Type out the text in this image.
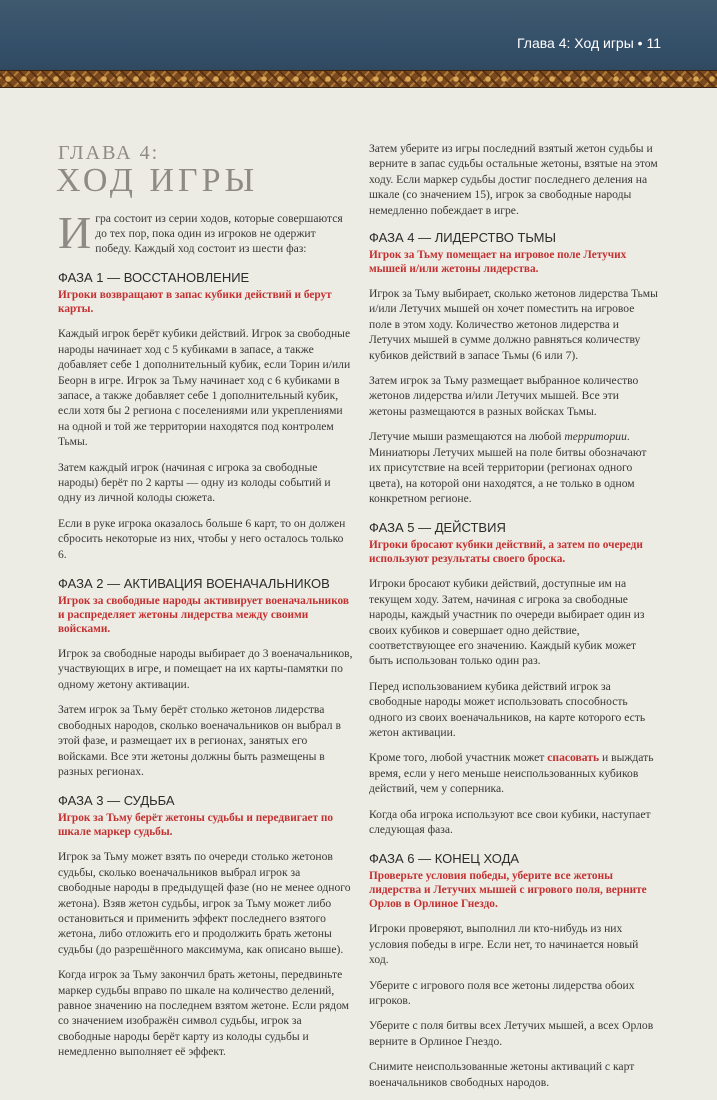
Глава 4: Ход игры • 11
ГЛАВА 4:
ХОД ИГРЫ

Игра состоит из серии ходов, которые совершаются до тех пор, пока один из игроков не одержит победу. Каждый ход состоит из шести фаз:

ФАЗА 1 — ВОССТАНОВЛЕНИЕ

Игроки возвращают в запас кубики действий и берут карты.

Каждый игрок берёт кубики действий. Игрок за свободные народы начинает ход с 5 кубиками в запасе, а также добавляет себе 1 дополнительный кубик, если Торин и/или Беорн в игре. Игрок за Тьму начинает ход с 6 кубиками в запасе, а также добавляет себе 1 дополнительный кубик, если хотя бы 2 региона с поселениями или укреплениями на одной и той же территории находятся под контролем Тьмы.

Затем каждый игрок (начиная с игрока за свободные народы) берёт по 2 карты — одну из колоды событий и одну из личной колоды сюжета.

Если в руке игрока оказалось больше 6 карт, то он должен сбросить некоторые из них, чтобы у него осталось только 6.

ФАЗА 2 — АКТИВАЦИЯ ВОЕНАЧАЛЬНИКОВ

Игрок за свободные народы активирует военачальников и распределяет жетоны лидерства между своими войсками.

Игрок за свободные народы выбирает до 3 военачальников, участвующих в игре, и помещает на их карты-памятки по одному жетону активации.

Затем игрок за Тьму берёт столько жетонов лидерства свободных народов, сколько военачальников он выбрал в этой фазе, и размещает их в регионах, занятых его войсками. Все эти жетоны должны быть размещены в разных регионах.

ФАЗА 3 — СУДЬБА

Игрок за Тьму берёт жетоны судьбы и передвигает по шкале маркер судьбы.

Игрок за Тьму может взять по очереди столько жетонов судьбы, сколько военачальников выбрал игрок за свободные народы в предыдущей фазе (но не менее одного жетона). Взяв жетон судьбы, игрок за Тьму может либо остановиться и применить эффект последнего взятого жетона, либо отложить его и продолжить брать жетоны судьбы (до разрешённого максимума, как описано выше).

Когда игрок за Тьму закончил брать жетоны, передвиньте маркер судьбы вправо по шкале на количество делений, равное значению на последнем взятом жетоне. Если рядом со значением изображён символ судьбы, игрок за свободные народы берёт карту из колоды судьбы и немедленно выполняет её эффект.

Затем уберите из игры последний взятый жетон судьбы и верните в запас судьбы остальные жетоны, взятые на этом ходу. Если маркер судьбы достиг последнего деления на шкале (со значением 15), игрок за свободные народы немедленно побеждает в игре.

ФАЗА 4 — ЛИДЕРСТВО ТЬМЫ

Игрок за Тьму помещает на игровое поле Летучих мышей и/или жетоны лидерства.

Игрок за Тьму выбирает, сколько жетонов лидерства Тьмы и/или Летучих мышей он хочет поместить на игровое поле в этом ходу. Количество жетонов лидерства и Летучих мышей в сумме должно равняться количеству кубиков действий в запасе Тьмы (6 или 7).

Затем игрок за Тьму размещает выбранное количество жетонов лидерства и/или Летучих мышей. Все эти жетоны размещаются в разных войсках Тьмы.

Летучие мыши размещаются на любой территории. Миниатюры Летучих мышей на поле битвы обозначают их присутствие на всей территории (регионах одного цвета), на которой они находятся, а не только в одном конкретном регионе.

ФАЗА 5 — ДЕЙСТВИЯ

Игроки бросают кубики действий, а затем по очереди используют результаты своего броска.

Игроки бросают кубики действий, доступные им на текущем ходу. Затем, начиная с игрока за свободные народы, каждый участник по очереди выбирает один из своих кубиков и совершает одно действие, соответствующее его значению. Каждый кубик может быть использован только один раз.

Перед использованием кубика действий игрок за свободные народы может использовать способность одного из своих военачальников, на карте которого есть жетон активации.

Кроме того, любой участник может спасовать и выждать время, если у него меньше неиспользованных кубиков действий, чем у соперника.

Когда оба игрока используют все свои кубики, наступает следующая фаза.

ФАЗА 6 — КОНЕЦ ХОДА

Проверьте условия победы, уберите все жетоны лидерства и Летучих мышей с игрового поля, верните Орлов в Орлиное Гнездо.

Игроки проверяют, выполнил ли кто-нибудь из них условия победы в игре. Если нет, то начинается новый ход.

Уберите с игрового поля все жетоны лидерства обоих игроков.

Уберите с поля битвы всех Летучих мышей, а всех Орлов верните в Орлиное Гнездо.

Снимите неиспользованные жетоны активаций с карт военачальников свободных народов.
